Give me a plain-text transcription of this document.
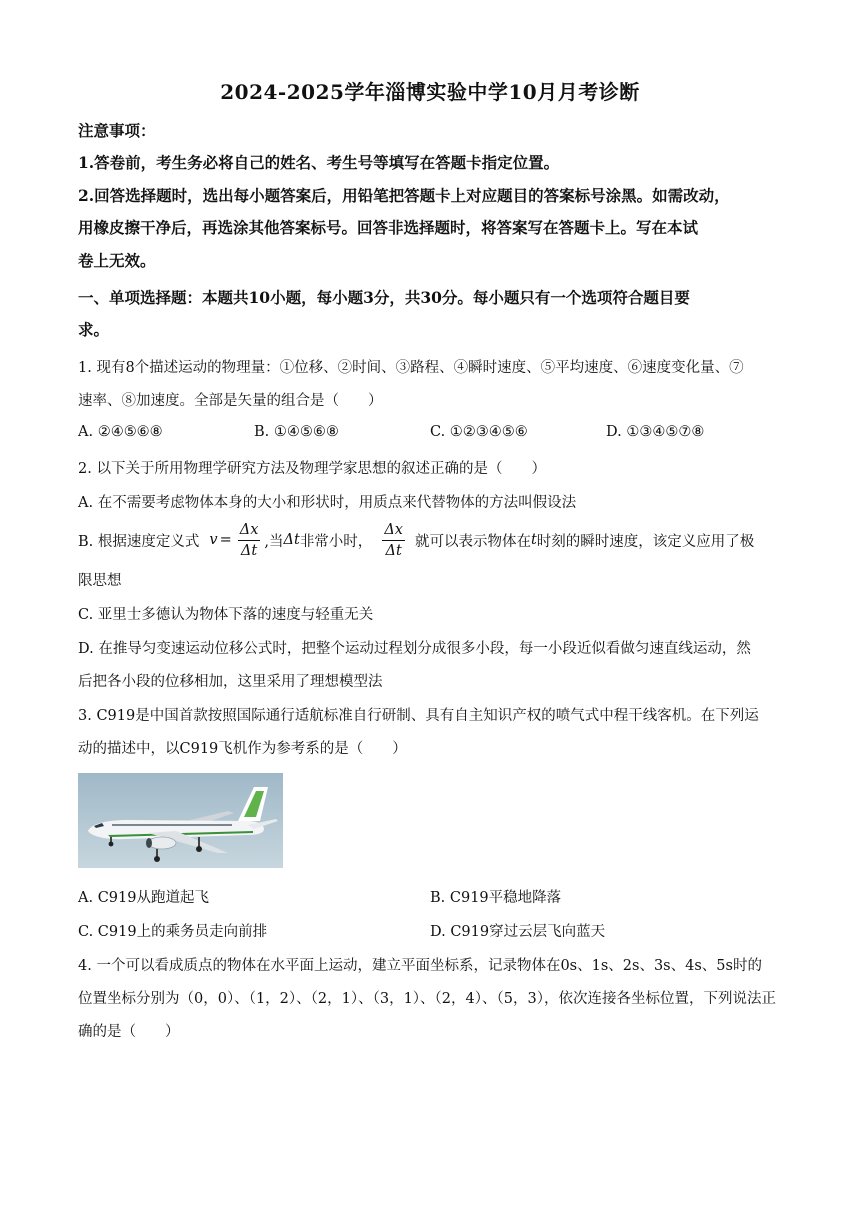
2024-2025学年淄博实验中学10月月考诊断
注意事项：
1.答卷前，考生务必将自己的姓名、考生号等填写在答题卡指定位置。
2.回答选择题时，选出每小题答案后，用铅笔把答题卡上对应题目的答案标号涂黑。如需改动，
用橡皮擦干净后，再选涂其他答案标号。回答非选择题时，将答案写在答题卡上。写在本试
卷上无效。
一、单项选择题：本题共10小题，每小题3分，共30分。每小题只有一个选项符合题目要
求。
1. 现有8个描述运动的物理量：①位移、②时间、③路程、④瞬时速度、⑤平均速度、⑥速度变化量、⑦
速率、⑧加速度。全部是矢量的组合是（　　）
A. ②④⑤⑥⑧	B. ①④⑤⑥⑧	C. ①②③④⑤⑥	D. ①③④⑤⑦⑧
2. 以下关于所用物理学研究方法及物理学家思想的叙述正确的是（　　）
A. 在不需要考虑物体本身的大小和形状时，用质点来代替物体的方法叫假设法
B. 根据速度定义式 $v = \frac{\Delta x}{\Delta t}$ ,当 Δt 非常小时， $\frac{\Delta x}{\Delta t}$ 就可以表示物体在 t 时刻的瞬时速度，该定义应用了极
限思想
C. 亚里士多德认为物体下落的速度与轻重无关
D. 在推导匀变速运动位移公式时，把整个运动过程划分成很多小段，每一小段近似看做匀速直线运动，然
后把各小段的位移相加，这里采用了理想模型法
3. C919是中国首款按照国际通行适航标准自行研制、具有自主知识产权的喷气式中程干线客机。在下列运
动的描述中，以C919飞机作为参考系的是（　　）
A. C919从跑道起飞	B. C919平稳地降落
C. C919上的乘务员走向前排	D. C919穿过云层飞向蓝天
4. 一个可以看成质点的物体在水平面上运动，建立平面坐标系，记录物体在0s、1s、2s、3s、4s、5s时的
位置坐标分别为（0，0）、（1，2）、（2，1）、（3，1）、（2，4）、（5，3），依次连接各坐标位置，下列说法正
确的是（　　）
